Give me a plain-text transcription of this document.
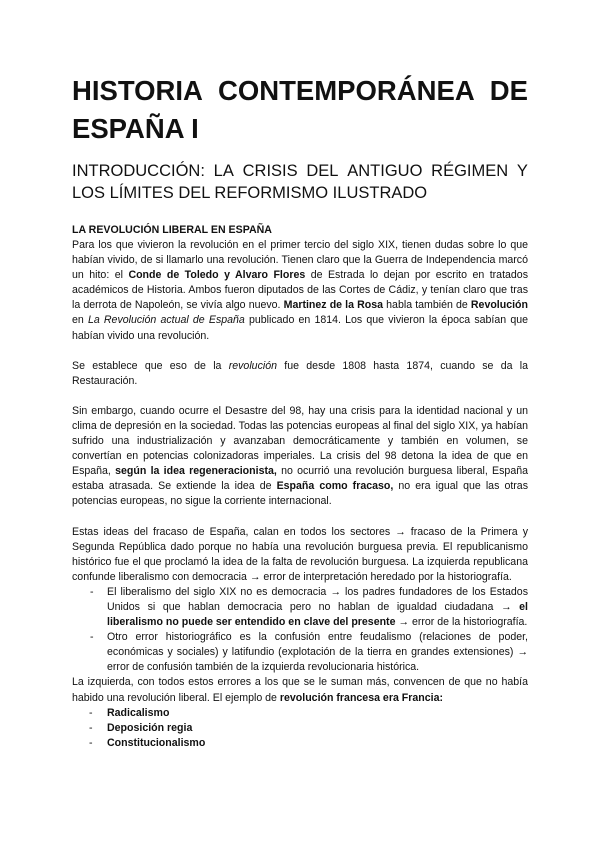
HISTORIA CONTEMPORÁNEA DE
ESPAÑA I
INTRODUCCIÓN: LA CRISIS DEL ANTIGUO RÉGIMEN Y
LOS LÍMITES DEL REFORMISMO ILUSTRADO
LA REVOLUCIÓN LIBERAL EN ESPAÑA

Para los que vivieron la revolución en el primer tercio del siglo XIX, tienen dudas sobre lo que habían vivido, de si llamarlo una revolución. Tienen claro que la Guerra de Independencia marcó un hito: el Conde de Toledo y Alvaro Flores de Estrada lo dejan por escrito en tratados académicos de Historia. Ambos fueron diputados de las Cortes de Cádiz, y tenían claro que tras la derrota de Napoleón, se vivía algo nuevo. Martinez de la Rosa habla también de Revolución en La Revolución actual de España publicado en 1814. Los que vivieron la época sabían que habían vivido una revolución.

Se establece que eso de la revolución fue desde 1808 hasta 1874, cuando se da la Restauración.

Sin embargo, cuando ocurre el Desastre del 98, hay una crisis para la identidad nacional y un clima de depresión en la sociedad. Todas las potencias europeas al final del siglo XIX, ya habían sufrido una industrialización y avanzaban democráticamente y también en volumen, se convertían en potencias colonizadoras imperiales. La crisis del 98 detona la idea de que en España, según la idea regeneracionista, no ocurrió una revolución burguesa liberal, España estaba atrasada. Se extiende la idea de España como fracaso, no era igual que las otras potencias europeas, no sigue la corriente internacional.

Estas ideas del fracaso de España, calan en todos los sectores → fracaso de la Primera y Segunda República dado porque no había una revolución burguesa previa. El republicanismo histórico fue el que proclamó la idea de la falta de revolución burguesa. La izquierda republicana confunde liberalismo con democracia → error de interpretación heredado por la historiografía.

- El liberalismo del siglo XIX no es democracia → los padres fundadores de los Estados Unidos si que hablan democracia pero no hablan de igualdad ciudadana → el liberalismo no puede ser entendido en clave del presente → error de la historiografía.
- Otro error historiográfico es la confusión entre feudalismo (relaciones de poder, económicas y sociales) y latifundio (explotación de la tierra en grandes extensiones) → error de confusión también de la izquierda revolucionaria histórica.

La izquierda, con todos estos errores a los que se le suman más, convencen de que no había habido una revolución liberal. El ejemplo de revolución francesa era Francia:

- Radicalismo
- Deposición regia
- Constitucionalismo
